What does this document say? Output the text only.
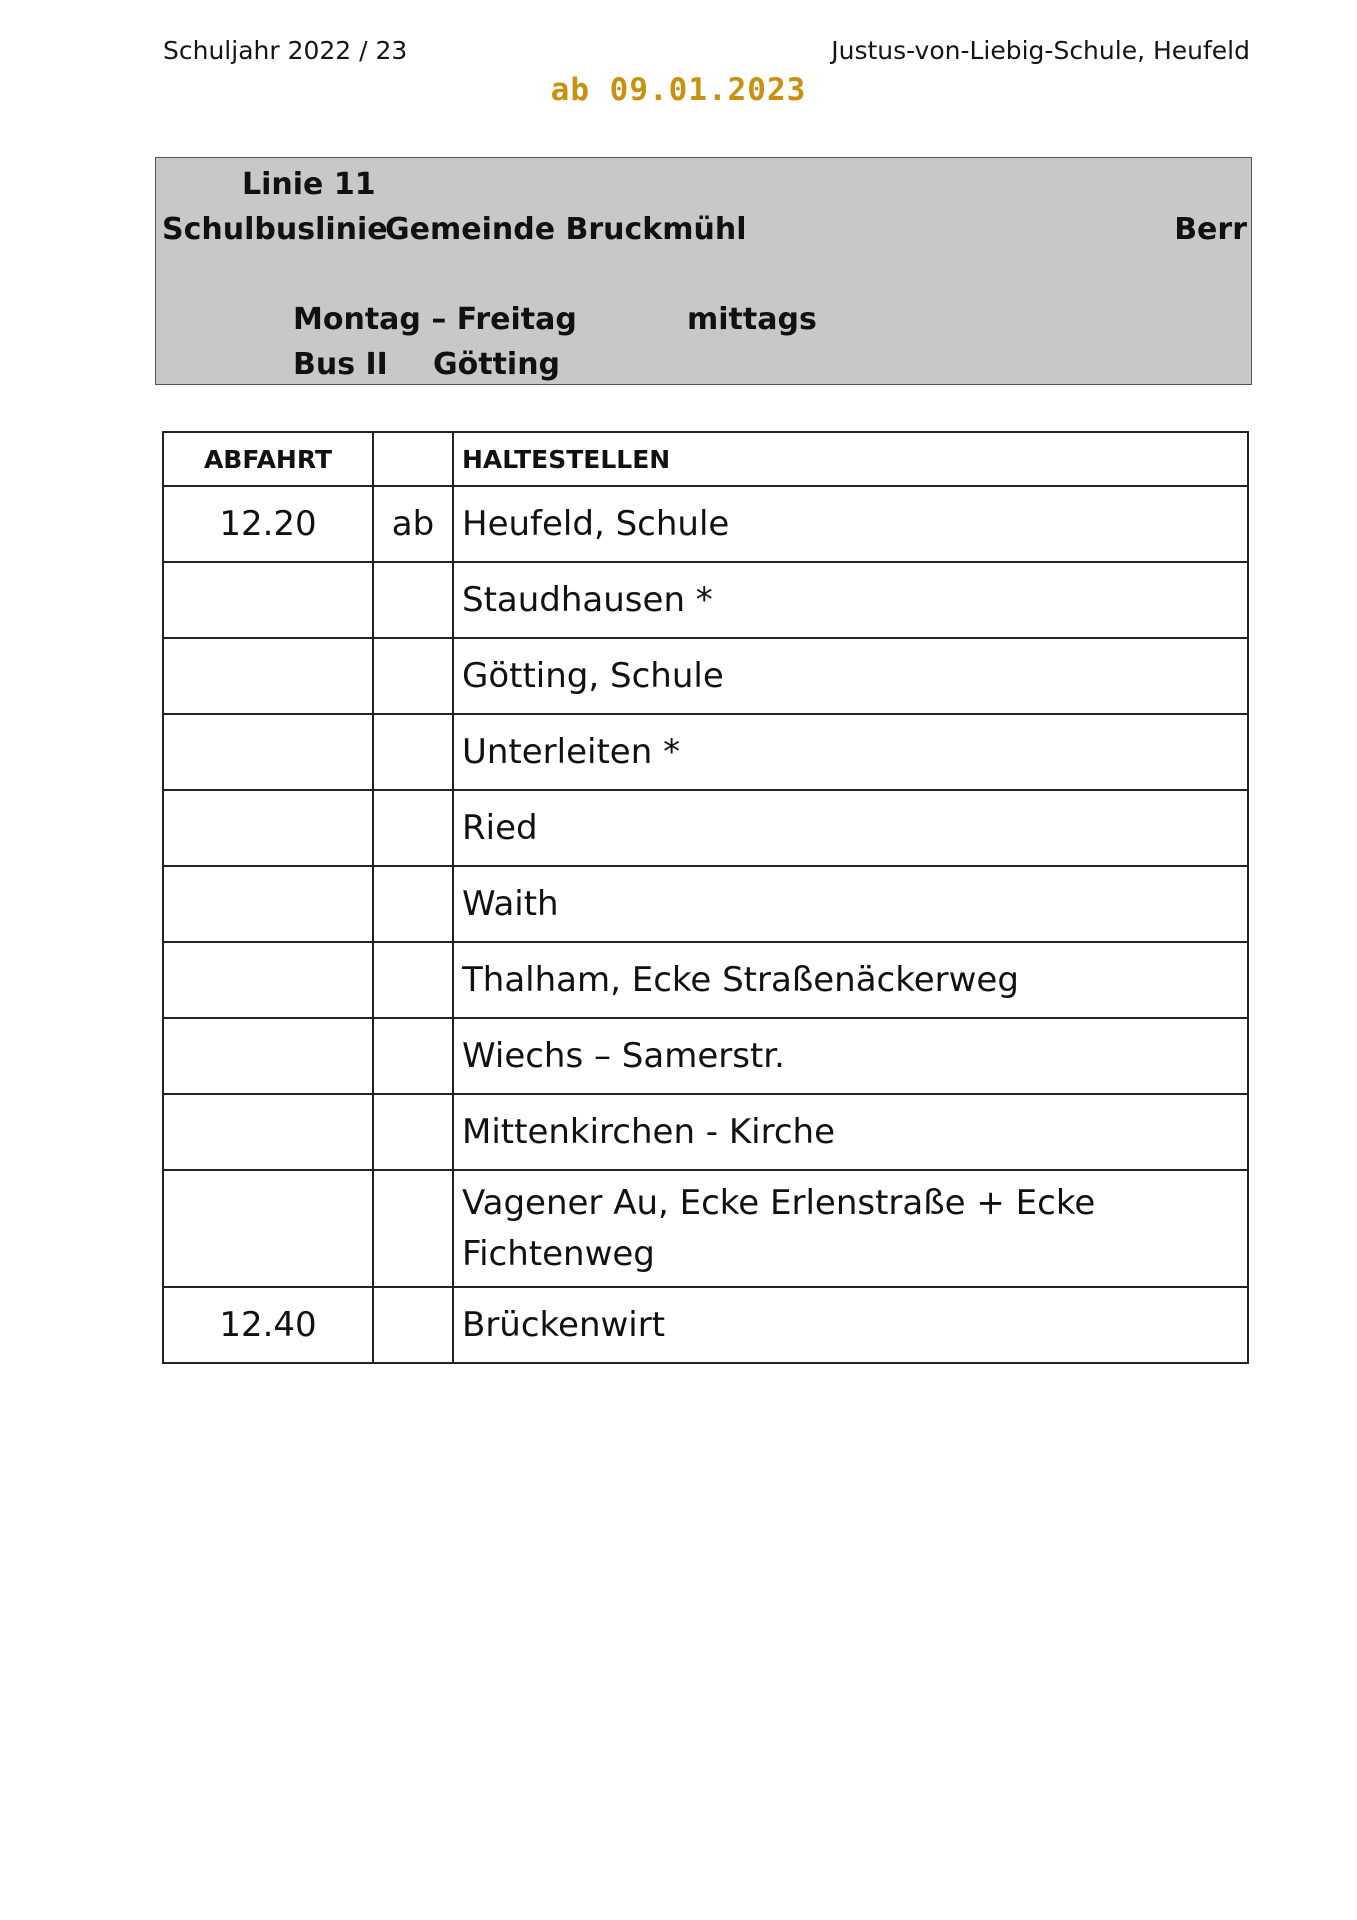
Schuljahr 2022 / 23	Justus-von-Liebig-Schule, Heufeld
ab 09.01.2023
Linie 11
Schulbuslinie
Gemeinde Bruckmühl	Berr
Montag – Freitag	mittags
Bus II Götting
ABFAHRT		HALTESTELLEN
12.20	ab	Heufeld, Schule
		Staudhausen *
		Götting, Schule
		Unterleiten *
		Ried
		Waith
		Thalham, Ecke Straßenäckerweg
		Wiechs – Samerstr.
		Mittenkirchen - Kirche
		Vagener Au, Ecke Erlenstraße + Ecke Fichtenweg
12.40		Brückenwirt
